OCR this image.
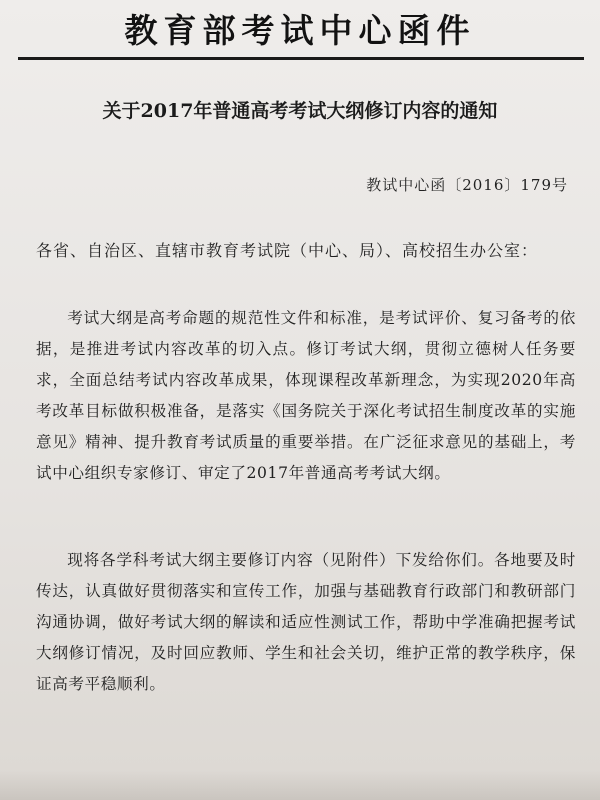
教育部考试中心函件
关于2017年普通高考考试大纲修订内容的通知
教试中心函〔2016〕179号
各省、自治区、直辖市教育考试院（中心、局）、高校招生办公室：
考试大纲是高考命题的规范性文件和标准，是考试评价、复习备考的依据，是推进考试内容改革的切入点。修订考试大纲，贯彻立德树人任务要求，全面总结考试内容改革成果，体现课程改革新理念，为实现2020年高考改革目标做积极准备，是落实《国务院关于深化考试招生制度改革的实施意见》精神、提升教育考试质量的重要举措。在广泛征求意见的基础上，考试中心组织专家修订、审定了2017年普通高考考试大纲。
现将各学科考试大纲主要修订内容（见附件）下发给你们。各地要及时传达，认真做好贯彻落实和宣传工作，加强与基础教育行政部门和教研部门沟通协调，做好考试大纲的解读和适应性测试工作，帮助中学准确把握考试大纲修订情况，及时回应教师、学生和社会关切，维护正常的教学秩序，保证高考平稳顺利。
